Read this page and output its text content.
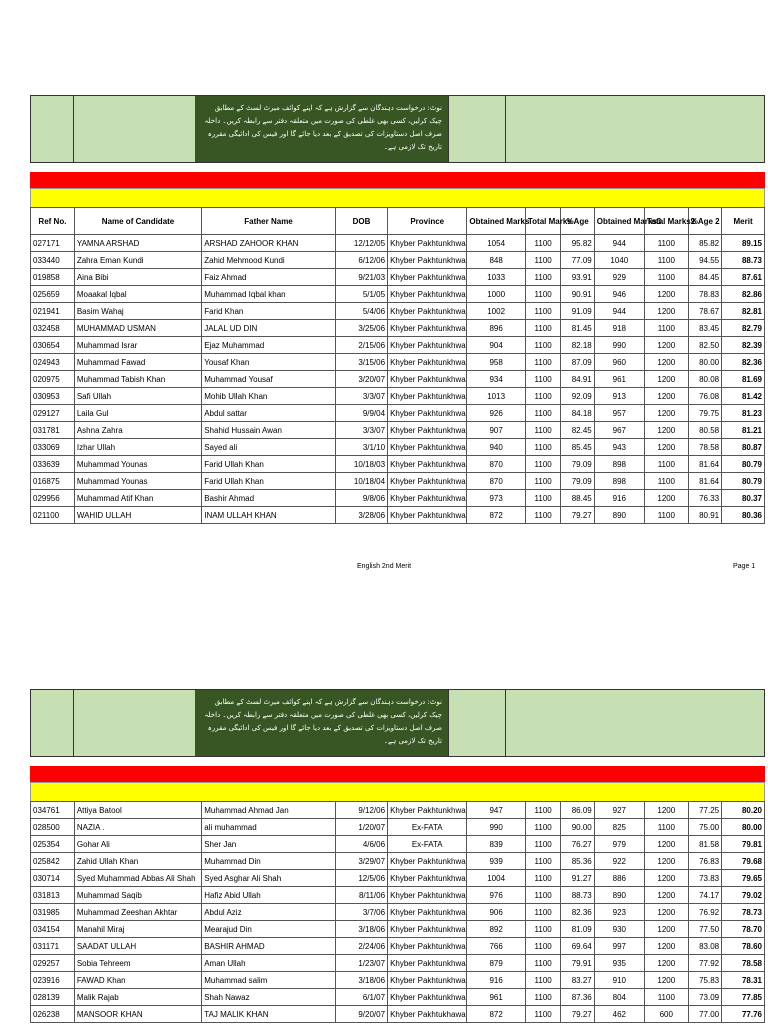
نوٹ: درخواست دہندگان سے گزارش ہے کہ اپنے کوائف میرٹ لسٹ کے مطابق چیک کرلیں، کسی بھی غلطی کی صورت میں متعلقہ دفتر سے رابطہ کریں۔ داخلہ صرف اصل دستاویزات کی تصدیق کے بعد دیا جائے گا اور فیس کی ادائیگی مقررہ تاریخ تک لازمی ہے۔
Ref No.	Name of Candidate	Father Name	DOB	Province	Obtained Marks	Total Marks	%Age	Obtained Marks3	Total Marks2	%Age 2	Merit
027171	YAMNA ARSHAD	ARSHAD ZAHOOR KHAN	12/12/05	Khyber Pakhtunkhwa	1054	1100	95.82	944	1100	85.82	89.15
033440	Zahra Eman Kundi	Zahid Mehmood Kundi	6/12/06	Khyber Pakhtunkhwa	848	1100	77.09	1040	1100	94.55	88.73
019858	Aina Bibi	Faiz Ahmad	9/21/03	Khyber Pakhtunkhwa	1033	1100	93.91	929	1100	84.45	87.61
025659	Moaakal Iqbal	Muhammad Iqbal khan	5/1/05	Khyber Pakhtunkhwa	1000	1100	90.91	946	1200	78.83	82.86
021941	Basim Wahaj	Farid Khan	5/4/06	Khyber Pakhtunkhwa	1002	1100	91.09	944	1200	78.67	82.81
032458	MUHAMMAD USMAN	JALAL UD DIN	3/25/06	Khyber Pakhtunkhwa	896	1100	81.45	918	1100	83.45	82.79
030654	Muhammad Israr	Ejaz Muhammad	2/15/06	Khyber Pakhtunkhwa	904	1100	82.18	990	1200	82.50	82.39
024943	Muhammad Fawad	Yousaf Khan	3/15/06	Khyber Pakhtunkhwa	958	1100	87.09	960	1200	80.00	82.36
020975	Muhammad Tabish Khan	Muhammad Yousaf	3/20/07	Khyber Pakhtunkhwa	934	1100	84.91	961	1200	80.08	81.69
030953	Safi Ullah	Mohib Ullah Khan	3/3/07	Khyber Pakhtunkhwa	1013	1100	92.09	913	1200	76.08	81.42
029127	Laila Gul	Abdul sattar	9/9/04	Khyber Pakhtunkhwa	926	1100	84.18	957	1200	79.75	81.23
031781	Ashna Zahra	Shahid Hussain Awan	3/3/07	Khyber Pakhtunkhwa	907	1100	82.45	967	1200	80.58	81.21
033069	Izhar Ullah	Sayed ali	3/1/10	Khyber Pakhtunkhwa	940	1100	85.45	943	1200	78.58	80.87
033639	Muhammad Younas	Farid Ullah Khan	10/18/03	Khyber Pakhtunkhwa	870	1100	79.09	898	1100	81.64	80.79
016875	Muhammad Younas	Farid Ullah Khan	10/18/04	Khyber Pakhtunkhwa	870	1100	79.09	898	1100	81.64	80.79
029956	Muhammad Atif Khan	Bashir Ahmad	9/8/06	Khyber Pakhtunkhwa	973	1100	88.45	916	1200	76.33	80.37
021100	WAHID ULLAH	INAM ULLAH KHAN	3/28/06	Khyber Pakhtunkhwa	872	1100	79.27	890	1100	80.91	80.36
English 2nd Merit	Page 1
نوٹ: درخواست دہندگان سے گزارش ہے کہ اپنے کوائف میرٹ لسٹ کے مطابق چیک کرلیں، کسی بھی غلطی کی صورت میں متعلقہ دفتر سے رابطہ کریں۔ داخلہ صرف اصل دستاویزات کی تصدیق کے بعد دیا جائے گا اور فیس کی ادائیگی مقررہ تاریخ تک لازمی ہے۔
034761	Attiya Batool	Muhammad Ahmad Jan	9/12/06	Khyber Pakhtunkhwa	947	1100	86.09	927	1200	77.25	80.20
028500	NAZIA .	ali muhammad	1/20/07	Ex-FATA	990	1100	90.00	825	1100	75.00	80.00
025354	Gohar Ali	Sher Jan	4/6/06	Ex-FATA	839	1100	76.27	979	1200	81.58	79.81
025842	Zahid Ullah Khan	Muhammad Din	3/29/07	Khyber Pakhtunkhwa	939	1100	85.36	922	1200	76.83	79.68
030714	Syed Muhammad Abbas Ali Shah	Syed Asghar Ali Shah	12/5/06	Khyber Pakhtunkhwa	1004	1100	91.27	886	1200	73.83	79.65
031813	Muhammad Saqib	Hafiz Abid Ullah	8/11/06	Khyber Pakhtunkhwa	976	1100	88.73	890	1200	74.17	79.02
031985	Muhammad Zeeshan Akhtar	Abdul Aziz	3/7/06	Khyber Pakhtunkhwa	906	1100	82.36	923	1200	76.92	78.73
034154	Manahil Miraj	Mearajud Din	3/18/06	Khyber Pakhtunkhwa	892	1100	81.09	930	1200	77.50	78.70
031171	SAADAT ULLAH	BASHIR AHMAD	2/24/06	Khyber Pakhtunkhwa	766	1100	69.64	997	1200	83.08	78.60
029257	Sobia Tehreem	Aman Ullah	1/23/07	Khyber Pakhtunkhwa	879	1100	79.91	935	1200	77.92	78.58
023916	FAWAD Khan	Muhammad salim	3/18/06	Khyber Pakhtunkhwa	916	1100	83.27	910	1200	75.83	78.31
028139	Malik Rajab	Shah Nawaz	6/1/07	Khyber Pakhtunkhwa	961	1100	87.36	804	1100	73.09	77.85
026238	MANSOOR KHAN	TAJ MALIK KHAN	9/20/07	Khyber Pakhtukhawa	872	1100	79.27	462	600	77.00	77.76
